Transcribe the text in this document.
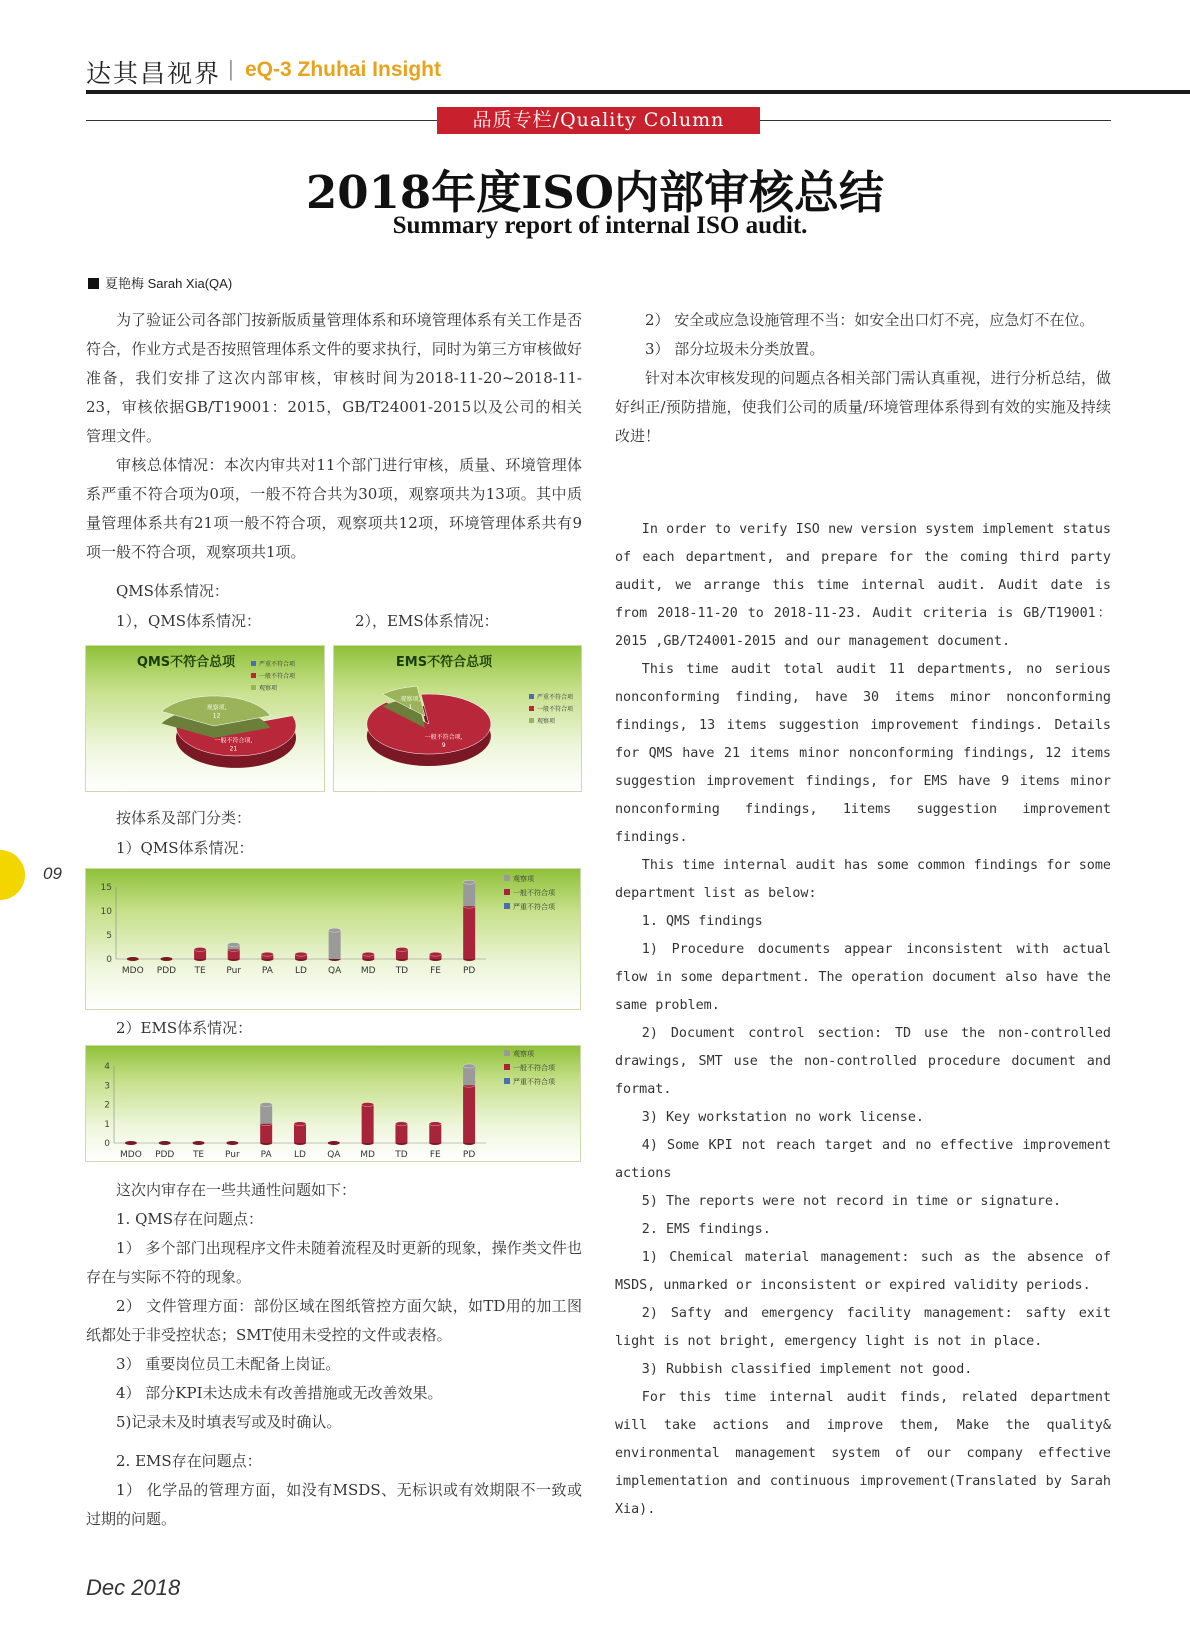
达其昌视界 | eQ-3 Zhuhai Insight
品质专栏/Quality Column
2018年度ISO内部审核总结
Summary report of internal ISO audit.
夏艳梅 Sarah Xia(QA)

为了验证公司各部门按新版质量管理体系和环境管理体系有关工作是否符合，作业方式是否按照管理体系文件的要求执行，同时为第三方审核做好准备，我们安排了这次内部审核，审核时间为2018-11-20~2018-11-23，审核依据GB/T19001：2015，GB/T24001-2015以及公司的相关管理文件。

审核总体情况：本次内审共对11个部门进行审核，质量、环境管理体系严重不符合项为0项，一般不符合共为30项，观察项共为13项。其中质量管理体系共有21项一般不符合项，观察项共12项，环境管理体系共有9项一般不符合项，观察项共1项。

QMS体系情况：
1），QMS体系情况：	2），EMS体系情况：
QMS不符合总项	严重不符合项
一般不符合项
观察项
一般不符合项,
21
观察项,
12
EMS不符合总项
严重不符合项
一般不符合项
观察项
一般不符合项,
9
观察项,
1
按体系及部门分类：
1）QMS体系情况：
0
5
10
15
观察项
一般不符合项
严重不符合项
MDO PDD TE Pur PA LD QA MD TD FE PD
2）EMS体系情况：
0
1
2
3
4
观察项
一般不符合项
严重不符合项
MDO PDD TE Pur PA LD QA MD TD FE PD

这次内审存在一些共通性问题如下：

1. QMS存在问题点：

1） 多个部门出现程序文件未随着流程及时更新的现象，操作类文件也存在与实际不符的现象。

2） 文件管理方面：部份区域在图纸管控方面欠缺，如TD用的加工图纸都处于非受控状态；SMT使用未受控的文件或表格。

3） 重要岗位员工未配备上岗证。

4） 部分KPI未达成未有改善措施或无改善效果。

5)记录未及时填表写或及时确认。

2. EMS存在问题点：

1） 化学品的管理方面，如没有MSDS、无标识或有效期限不一致或过期的问题。

2） 安全或应急设施管理不当：如安全出口灯不亮，应急灯不在位。

3） 部分垃圾未分类放置。

针对本次审核发现的问题点各相关部门需认真重视，进行分析总结，做好纠正/预防措施，使我们公司的质量/环境管理体系得到有效的实施及持续改进！

In order to verify ISO new version system implement status of each department, and prepare for the coming third party audit, we arrange this time internal audit. Audit date is from 2018-11-20 to 2018-11-23. Audit criteria is GB/T19001：2015 ,GB/T24001-2015 and our management document.

This time audit total audit 11 departments, no serious nonconforming finding, have 30 items minor nonconforming findings, 13 items suggestion improvement findings. Details for QMS have 21 items minor nonconforming findings, 12 items suggestion improvement findings, for EMS have 9 items minor nonconforming findings, 1items suggestion improvement findings.

This time internal audit has some common findings for some department list as below:

1. QMS findings

1) Procedure documents appear inconsistent with actual flow in some department. The operation document also have the same problem.

2) Document control section: TD use the non-controlled drawings, SMT use the non-controlled procedure document and format.

3) Key workstation no work license.

4) Some KPI not reach target and no effective improvement actions

5) The reports were not record in time or signature.

2. EMS findings.

1) Chemical material management: such as the absence of MSDS, unmarked or inconsistent or expired validity periods.

2) Safty and emergency facility management: safty exit light is not bright, emergency light is not in place.

3) Rubbish classified implement not good.

For this time internal audit finds, related department will take actions and improve them, Make the quality& environmental management system of our company effective implementation and continuous improvement(Translated by Sarah Xia).

09
Dec 2018
